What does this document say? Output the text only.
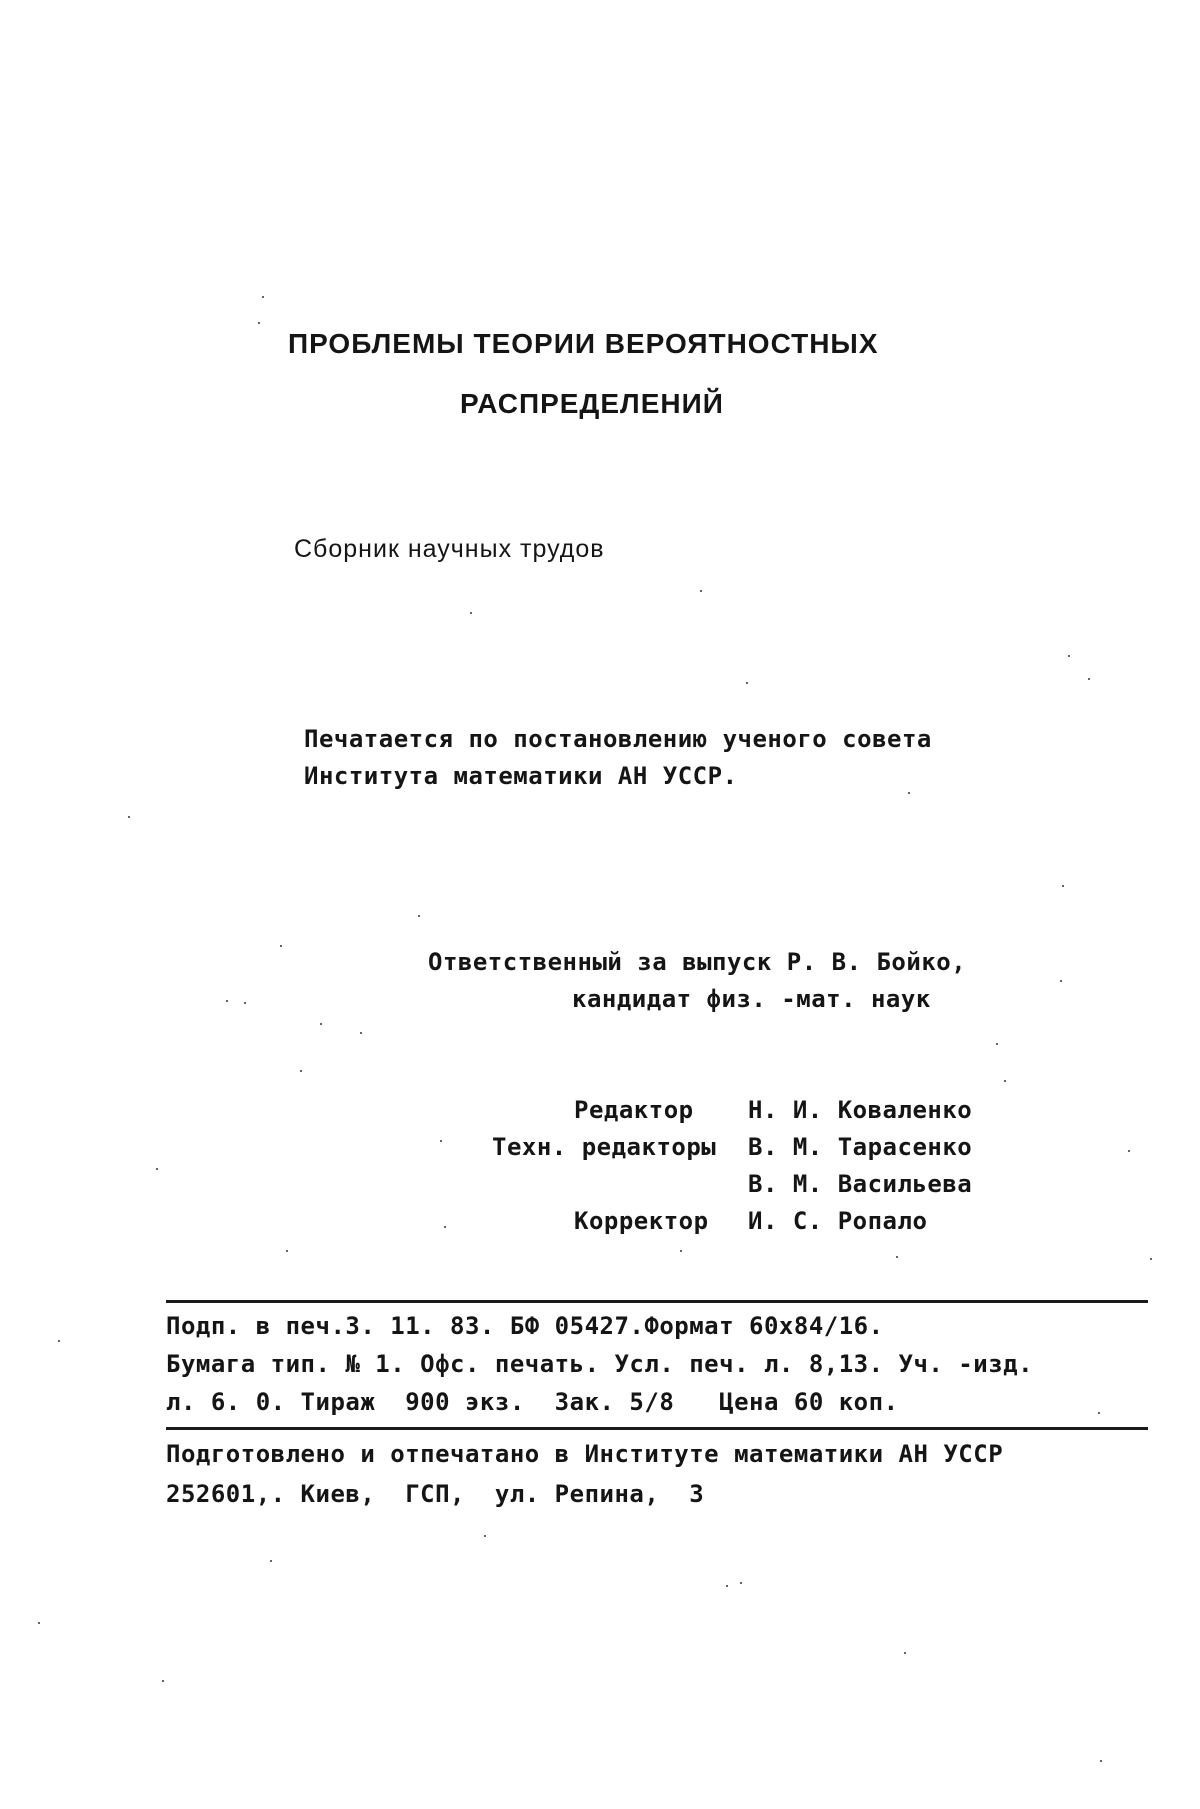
ПРОБЛЕМЫ ТЕОРИИ ВЕРОЯТНОСТНЫХ
РАСПРЕДЕЛЕНИЙ
Сборник научных трудов
Печатается по постановлению ученого совета
Института математики АН УССР.
Ответственный за выпуск Р. В. Бойко,
кандидат физ. -мат. наук
Редактор Н. И. Коваленко
Техн. редакторы В. М. Тарасенко
В. М. Васильева
Корректор И. С. Ропало
Подп. в печ.3. 11. 83. БФ 05427.Формат 60х84/16.
Бумага тип. № 1. Офс. печать. Усл. печ. л. 8,13. Уч. -изд.
л. 6. 0. Тираж  900 экз.  Зак. 5/8   Цена 60 коп.
Подготовлено и отпечатано в Институте математики АН УССР
252601,. Киев,  ГСП,  ул. Репина,  3
